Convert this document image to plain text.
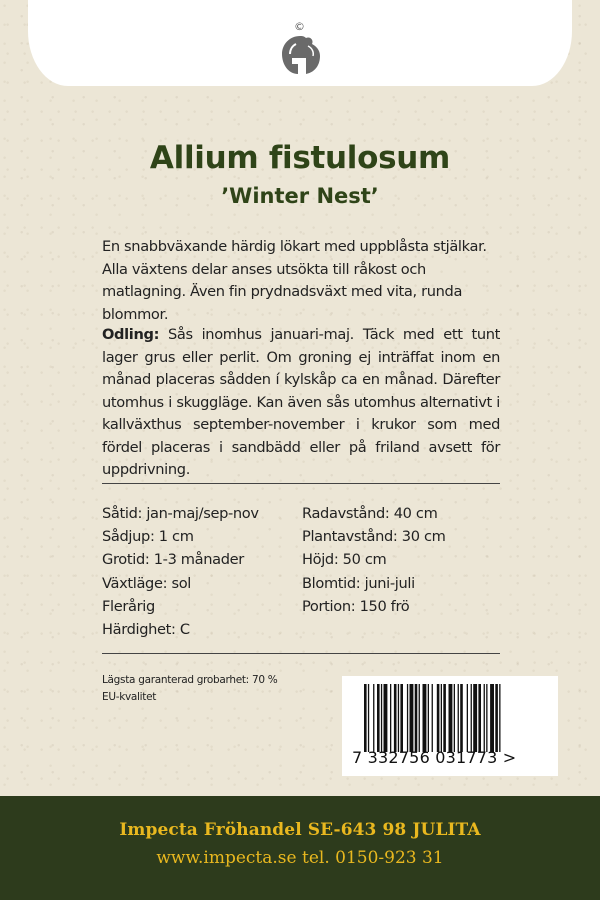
©
Allium fistulosum
’Winter Nest’

En snabbväxande härdig lökart med uppblåsta stjälkar. Alla växtens delar anses utsökta till råkost och matlagning. Även fin prydnadsväxt med vita, runda blommor.

Odling: Sås inomhus januari-maj. Täck med ett tunt lager grus eller perlit. Om groning ej inträffat inom en månad placeras sådden í kylskåp ca en månad. Därefter utomhus i skuggläge. Kan även sås utomhus alternativt i kallväxthus september-november i krukor som med fördel placeras i sandbädd eller på friland avsett för uppdrivning.

Såtid: jan-maj/sep-nov
Sådjup: 1 cm
Grotid: 1-3 månader
Växtläge: sol
Flerårig
Härdighet: C
Radavstånd: 40 cm
Plantavstånd: 30 cm
Höjd: 50 cm
Blomtid: juni-juli
Portion: 150 frö
Lägsta garanterad grobarhet: 70 %
EU-kvalitet
7 332756 031773 >
Impecta Fröhandel SE-643 98 JULITA
www.impecta.se tel. 0150-923 31
